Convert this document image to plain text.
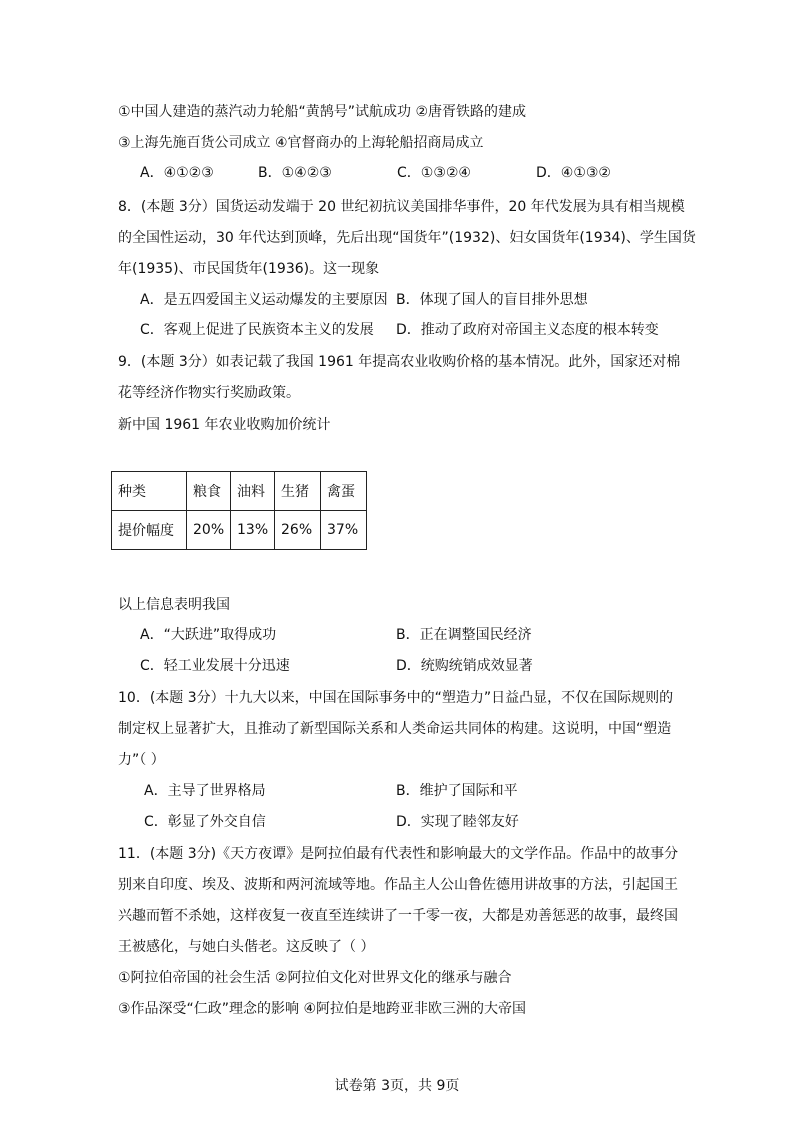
①中国人建造的蒸汽动力轮船“黄鹄号”试航成功 ②唐胥铁路的建成
③上海先施百货公司成立 ④官督商办的上海轮船招商局成立
A．④①②③	B．①④②③	C．①③②④	D．④①③②
8．(本题 3分）国货运动发端于 20 世纪初抗议美国排华事件，20 年代发展为具有相当规模
的全国性运动，30 年代达到顶峰，先后出现“国货年”(1932)、妇女国货年(1934)、学生国货
年(1935)、市民国货年(1936)。这一现象
A．是五四爱国主义运动爆发的主要原因 B．体现了国人的盲目排外思想
C．客观上促进了民族资本主义的发展 D．推动了政府对帝国主义态度的根本转变
9．(本题 3分）如表记载了我国 1961 年提高农业收购价格的基本情况。此外，国家还对棉
花等经济作物实行奖励政策。
新中国 1961 年农业收购加价统计
种类	粮食	油料	生猪	禽蛋
提价幅度	20%	13%	26%	37%
以上信息表明我国
A．“大跃进”取得成功	B．正在调整国民经济
C．轻工业发展十分迅速	D．统购统销成效显著
10．(本题 3分）十九大以来，中国在国际事务中的“塑造力”日益凸显，不仅在国际规则的
制定权上显著扩大，且推动了新型国际关系和人类命运共同体的构建。这说明，中国“塑造
力”（ ）
A．主导了世界格局	B．维护了国际和平
C．彰显了外交自信	D．实现了睦邻友好
11．(本题 3分)《天方夜谭》是阿拉伯最有代表性和影响最大的文学作品。作品中的故事分
别来自印度、埃及、波斯和两河流域等地。作品主人公山鲁佐德用讲故事的方法，引起国王
兴趣而暂不杀她，这样夜复一夜直至连续讲了一千零一夜，大都是劝善惩恶的故事，最终国
王被感化，与她白头偕老。这反映了（ ）
①阿拉伯帝国的社会生活 ②阿拉伯文化对世界文化的继承与融合
③作品深受“仁政”理念的影响 ④阿拉伯是地跨亚非欧三洲的大帝国
试卷第 3页，共 9页
